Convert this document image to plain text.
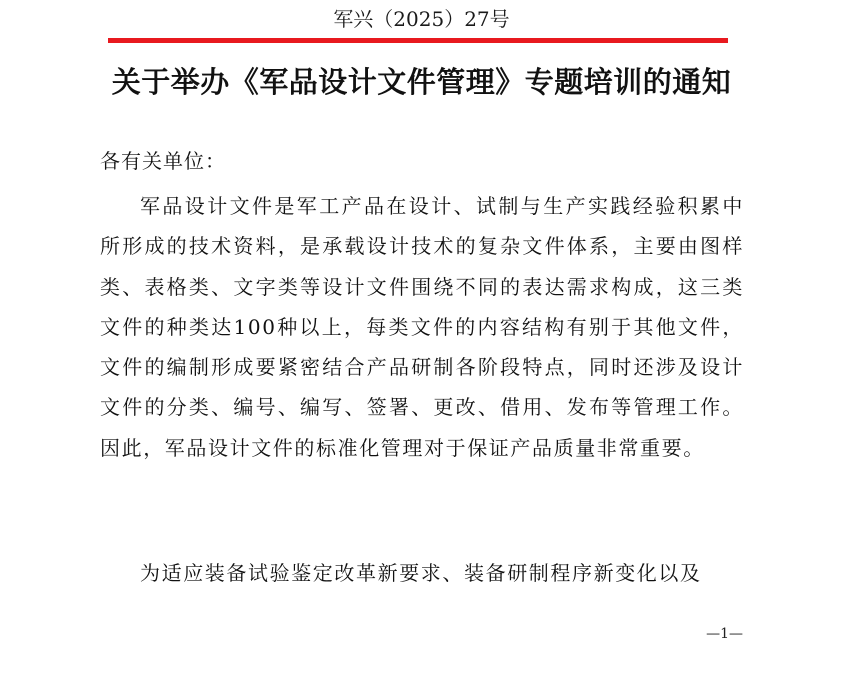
军兴（2025）27号
关于举办《军品设计文件管理》专题培训的通知
各有关单位：

军品设计文件是军工产品在设计、试制与生产实践经验积累中所形成的技术资料，是承载设计技术的复杂文件体系，主要由图样类、表格类、文字类等设计文件围绕不同的表达需求构成，这三类文件的种类达100种以上，每类文件的内容结构有别于其他文件，文件的编制形成要紧密结合产品研制各阶段特点，同时还涉及设计文件的分类、编号、编写、签署、更改、借用、发布等管理工作。因此，军品设计文件的标准化管理对于保证产品质量非常重要。

为适应装备试验鉴定改革新要求、装备研制程序新变化以及

—1—
